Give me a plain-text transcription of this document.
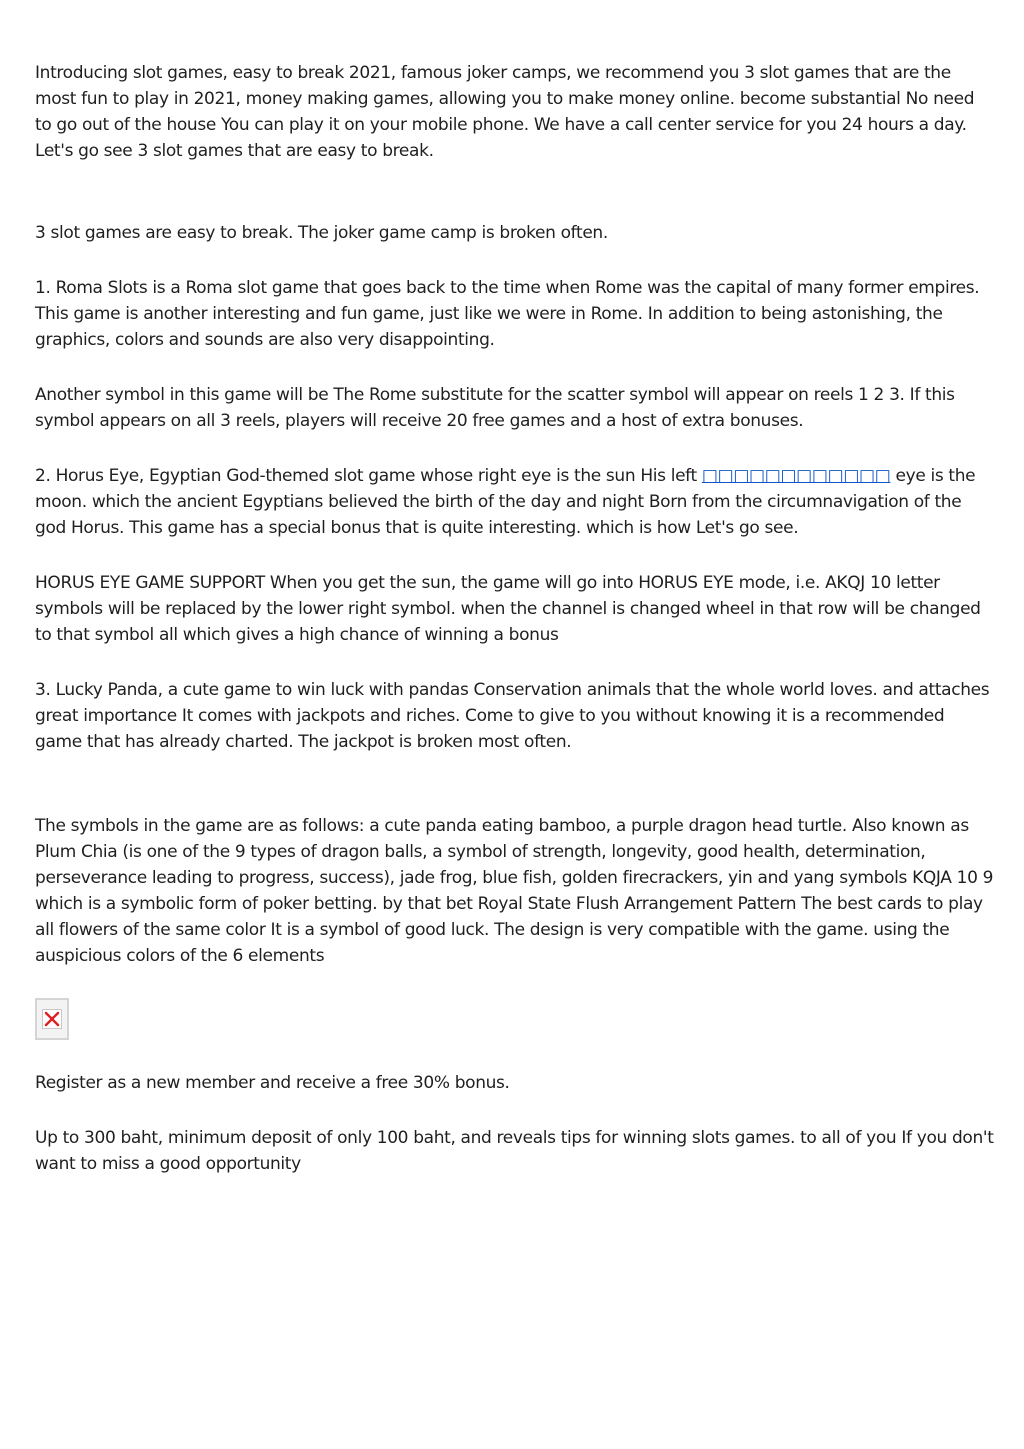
Introducing slot games, easy to break 2021, famous joker camps, we recommend you 3 slot games that are the most fun to play in 2021, money making games, allowing you to make money online. become substantial No need to go out of the house You can play it on your mobile phone. We have a call center service for you 24 hours a day. Let's go see 3 slot games that are easy to break.

3 slot games are easy to break. The joker game camp is broken often.

1. Roma Slots is a Roma slot game that goes back to the time when Rome was the capital of many former empires. This game is another interesting and fun game, just like we were in Rome. In addition to being astonishing, the graphics, colors and sounds are also very disappointing.

Another symbol in this game will be The Rome substitute for the scatter symbol will appear on reels 1 2 3. If this symbol appears on all 3 reels, players will receive 20 free games and a host of extra bonuses.

2. Horus Eye, Egyptian God-themed slot game whose right eye is the sun His left □□□□□□□□□□□□ eye is the moon. which the ancient Egyptians believed the birth of the day and night Born from the circumnavigation of the god Horus. This game has a special bonus that is quite interesting. which is how Let's go see.

HORUS EYE GAME SUPPORT When you get the sun, the game will go into HORUS EYE mode, i.e. AKQJ 10 letter symbols will be replaced by the lower right symbol. when the channel is changed wheel in that row will be changed to that symbol all which gives a high chance of winning a bonus

3. Lucky Panda, a cute game to win luck with pandas Conservation animals that the whole world loves. and attaches great importance It comes with jackpots and riches. Come to give to you without knowing it is a recommended game that has already charted. The jackpot is broken most often.

The symbols in the game are as follows: a cute panda eating bamboo, a purple dragon head turtle. Also known as Plum Chia (is one of the 9 types of dragon balls, a symbol of strength, longevity, good health, determination, perseverance leading to progress, success), jade frog, blue fish, golden firecrackers, yin and yang symbols KQJA 10 9 which is a symbolic form of poker betting. by that bet Royal State Flush Arrangement Pattern The best cards to play all flowers of the same color It is a symbol of good luck. The design is very compatible with the game. using the auspicious colors of the 6 elements

Register as a new member and receive a free 30% bonus.

Up to 300 baht, minimum deposit of only 100 baht, and reveals tips for winning slots games. to all of you If you don't want to miss a good opportunity
